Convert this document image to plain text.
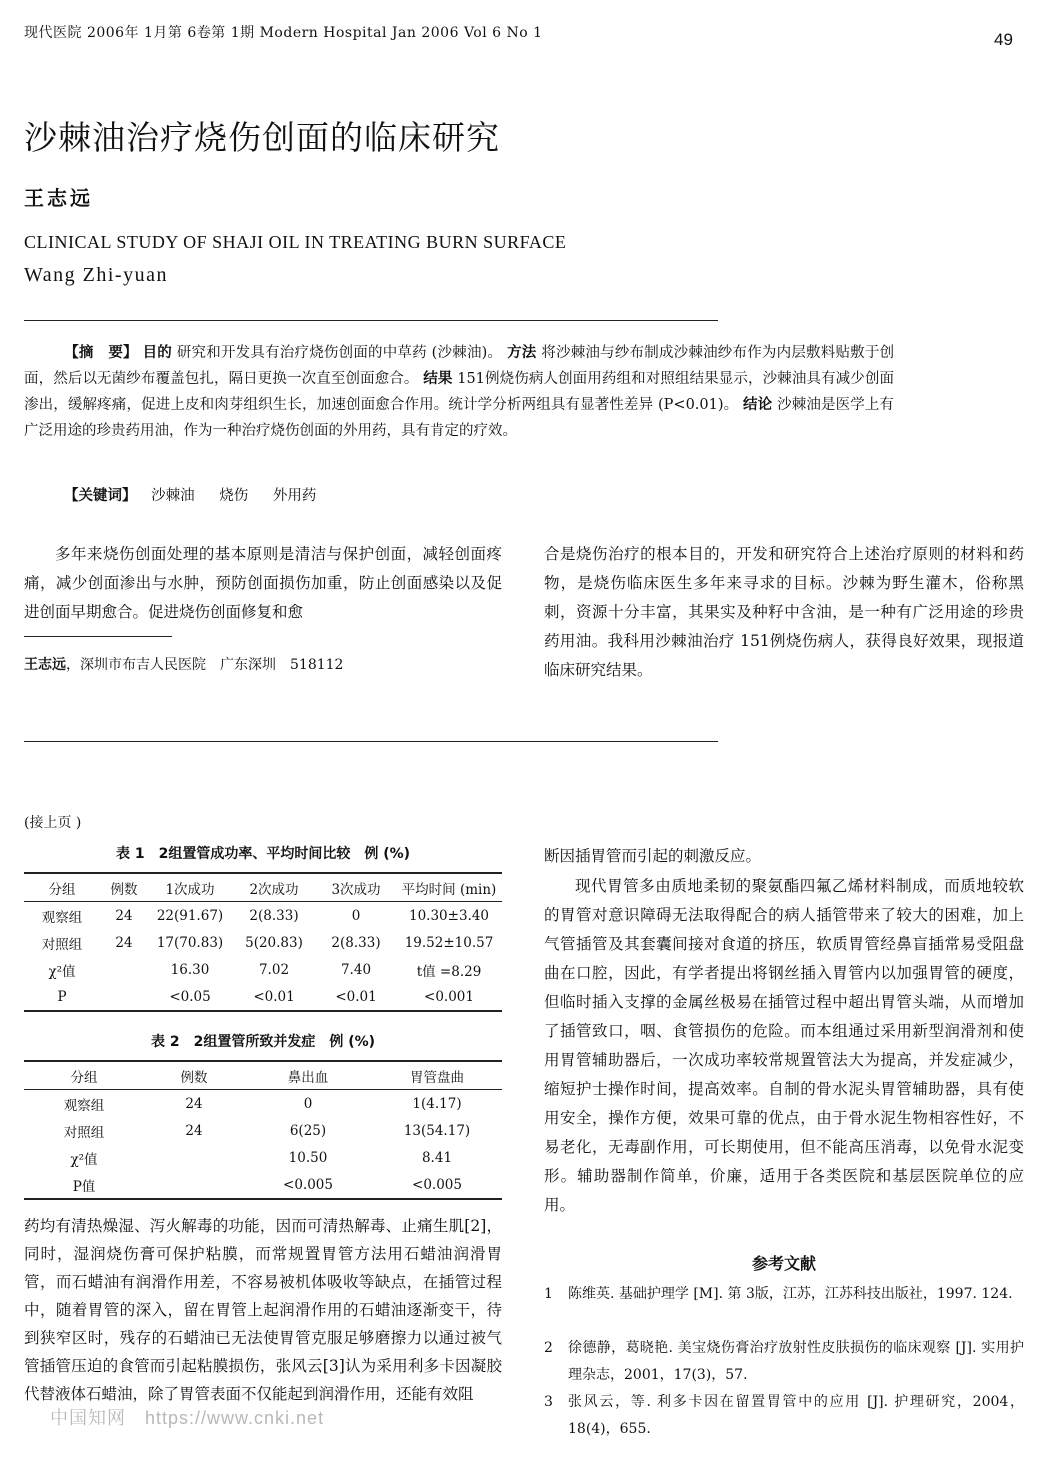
现代医院 2006年 1月第 6卷第 1期 Modern Hospital Jan 2006 Vol 6 No 1	49
沙棘油治疗烧伤创面的临床研究
王志远
CLINICAL STUDY OF SHAJI OIL IN TREATING BURN SURFACE
Wang Zhi-yuan
【摘　要】 目的 研究和开发具有治疗烧伤创面的中草药 (沙棘油)。 方法 将沙棘油与纱布制成沙棘油纱布作为内层敷料贴敷于创面，然后以无菌纱布覆盖包扎，隔日更换一次直至创面愈合。 结果 151例烧伤病人创面用药组和对照组结果显示，沙棘油具有减少创面渗出，缓解疼痛，促进上皮和肉芽组织生长，加速创面愈合作用。统计学分析两组具有显著性差异 (P<0.01)。 结论 沙棘油是医学上有广泛用途的珍贵药用油，作为一种治疗烧伤创面的外用药，具有肯定的疗效。
【关键词】 沙棘油 烧伤 外用药
多年来烧伤创面处理的基本原则是清洁与保护创面，减轻创面疼痛，减少创面渗出与水肿，预防创面损伤加重，防止创面感染以及促进创面早期愈合。促进烧伤创面修复和愈
合是烧伤治疗的根本目的，开发和研究符合上述治疗原则的材料和药物，是烧伤临床医生多年来寻求的目标。沙棘为野生灌木，俗称黑刺，资源十分丰富，其果实及种籽中含油，是一种有广泛用途的珍贵药用油。我科用沙棘油治疗 151例烧伤病人，获得良好效果，现报道临床研究结果。
王志远，深圳市布吉人民医院　广东深圳　518112
(接上页 )
表 1　2组置管成功率、平均时间比较　例 (%)
分组	例数	1次成功	2次成功	3次成功	平均时间 (min)
观察组	24	22(91.67)	2(8.33)	0	10.30±3.40
对照组	24	17(70.83)	5(20.83)	2(8.33)	19.52±10.57
χ²值		16.30	7.02	7.40	t值 =8.29
P		<0.05	<0.01	<0.01	<0.001
表 2　2组置管所致并发症　例 (%)
分组	例数	鼻出血	胃管盘曲
观察组	24	0	1(4.17)
对照组	24	6(25)	13(54.17)
χ²值		10.50	8.41
P值		<0.005	<0.005
药均有清热燥湿、泻火解毒的功能，因而可清热解毒、止痛生肌[2]，同时，湿润烧伤膏可保护粘膜，而常规置胃管方法用石蜡油润滑胃管，而石蜡油有润滑作用差，不容易被机体吸收等缺点，在插管过程中，随着胃管的深入，留在胃管上起润滑作用的石蜡油逐渐变干，待到狭窄区时，残存的石蜡油已无法使胃管克服足够磨擦力以通过被气管插管压迫的食管而引起粘膜损伤，张风云[3]认为采用利多卡因凝胶代替液体石蜡油，除了胃管表面不仅能起到润滑作用，还能有效阻
断因插胃管而引起的刺激反应。
现代胃管多由质地柔韧的聚氨酯四氟乙烯材料制成，而质地较软的胃管对意识障碍无法取得配合的病人插管带来了较大的困难，加上气管插管及其套囊间接对食道的挤压，软质胃管经鼻盲插常易受阻盘曲在口腔，因此，有学者提出将钢丝插入胃管内以加强胃管的硬度，但临时插入支撑的金属丝极易在插管过程中超出胃管头端，从而增加了插管致口，咽、食管损伤的危险。而本组通过采用新型润滑剂和使用胃管辅助器后，一次成功率较常规置管法大为提高，并发症减少，缩短护士操作时间，提高效率。自制的骨水泥头胃管辅助器，具有使用安全，操作方便，效果可靠的优点，由于骨水泥生物相容性好，不易老化，无毒副作用，可长期使用，但不能高压消毒，以免骨水泥变形。辅助器制作简单，价廉，适用于各类医院和基层医院单位的应用。
参考文献
1 陈维英. 基础护理学 [M]. 第 3版，江苏，江苏科技出版社，1997. 124.
2 徐德静，葛晓艳. 美宝烧伤膏治疗放射性皮肤损伤的临床观察 [J]. 实用护理杂志，2001，17(3)，57.
3 张风云，等. 利多卡因在留置胃管中的应用 [J]. 护理研究，2004，18(4)，655.
中国知网　https://www.cnki.net
